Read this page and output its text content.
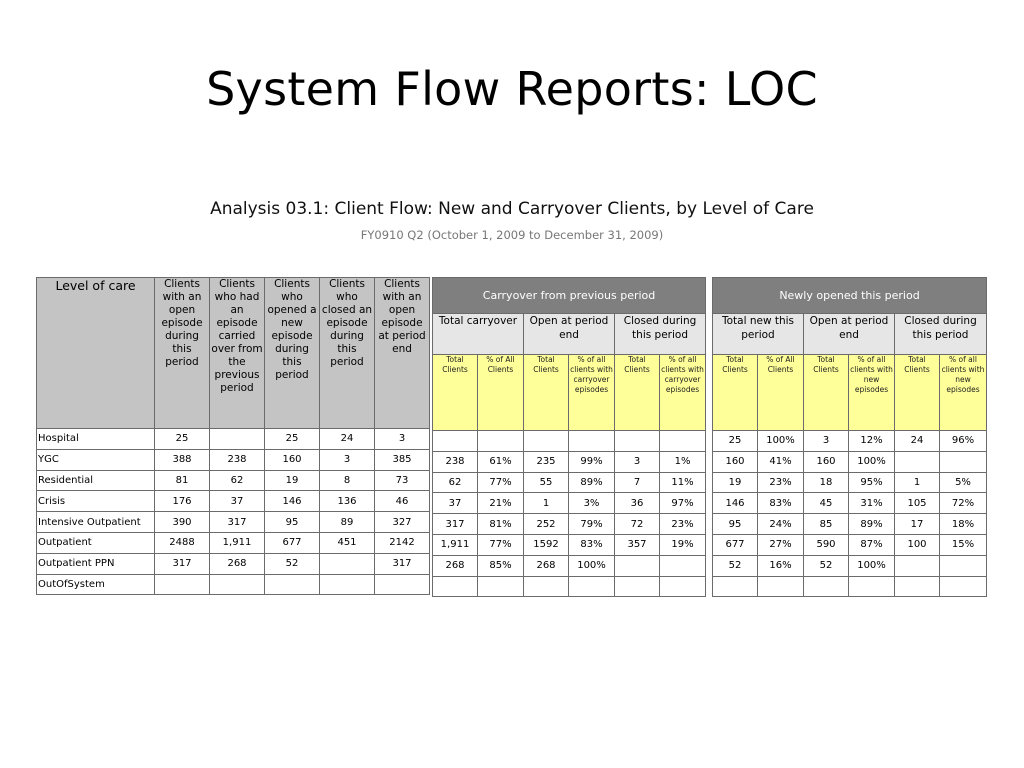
System Flow Reports: LOC
Analysis 03.1: Client Flow: New and Carryover Clients, by Level of Care
FY0910 Q2 (October 1, 2009 to December 31, 2009)
Level of care	Clients with an open episode during this period	Clients who had an episode carried over from the previous period	Clients who opened a new episode during this period	Clients who closed an episode during this period	Clients with an open episode at period end
Hospital	25		25	24	3
YGC	388	238	160	3	385
Residential	81	62	19	8	73
Crisis	176	37	146	136	46
Intensive Outpatient	390	317	95	89	327
Outpatient	2488	1,911	677	451	2142
Outpatient PPN	317	268	52		317
OutOfSystem					
Carryover from previous period					
Total carryover		Open at period end		Closed during this period	
Total Clients	% of All Clients	Total Clients	% of all clients with carryover episodes	Total Clients	% of all clients with carryover episodes

238	61%	235	99%	3	1%
62	77%	55	89%	7	11%
37	21%	1	3%	36	97%
317	81%	252	79%	72	23%
1,911	77%	1592	83%	357	19%
268	85%	268	100%		

Newly opened this period					
Total new this period		Open at period end		Closed during this period	
Total Clients	% of All Clients	Total Clients	% of all clients with new episodes	Total Clients	% of all clients with new episodes
25	100%	3	12%	24	96%
160	41%	160	100%		
19	23%	18	95%	1	5%
146	83%	45	31%	105	72%
95	24%	85	89%	17	18%
677	27%	590	87%	100	15%
52	16%	52	100%		
